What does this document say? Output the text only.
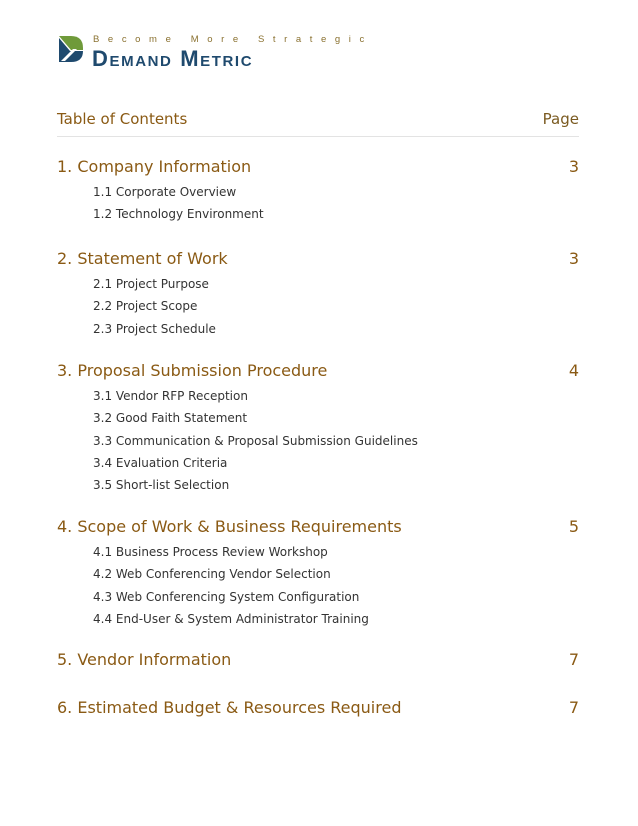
Become More Strategic
Demand Metric
Table of Contents	Page
1. Company Information	3
1.1 Corporate Overview
1.2 Technology Environment
2. Statement of Work	3
2.1 Project Purpose
2.2 Project Scope
2.3 Project Schedule
3. Proposal Submission Procedure	4
3.1 Vendor RFP Reception
3.2 Good Faith Statement
3.3 Communication & Proposal Submission Guidelines
3.4 Evaluation Criteria
3.5 Short-list Selection
4. Scope of Work & Business Requirements	5
4.1 Business Process Review Workshop
4.2 Web Conferencing Vendor Selection
4.3 Web Conferencing System Configuration
4.4 End-User & System Administrator Training
5. Vendor Information	7
6. Estimated Budget & Resources Required	7
